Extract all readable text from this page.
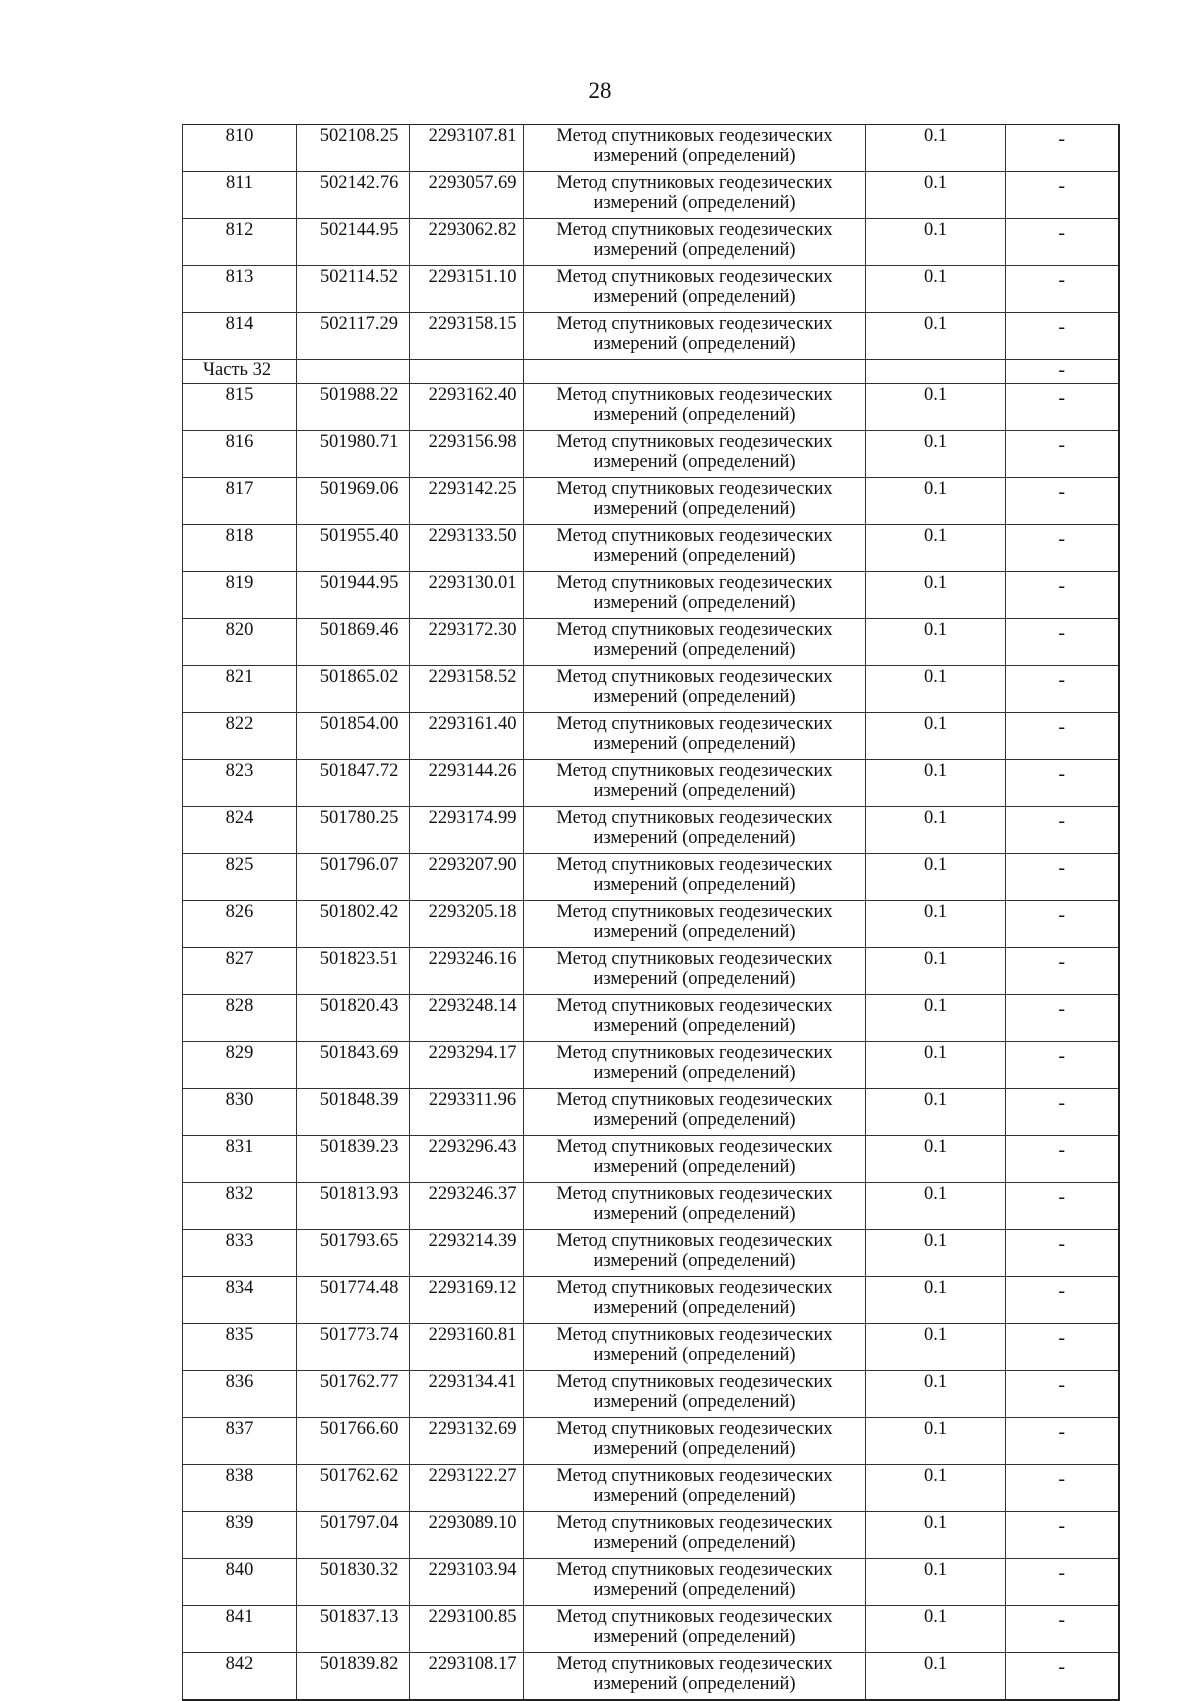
28
810	502108.25	2293107.81	Метод спутниковых геодезических измерений (определений)	0.1	-
811	502142.76	2293057.69	Метод спутниковых геодезических измерений (определений)	0.1	-
812	502144.95	2293062.82	Метод спутниковых геодезических измерений (определений)	0.1	-
813	502114.52	2293151.10	Метод спутниковых геодезических измерений (определений)	0.1	-
814	502117.29	2293158.15	Метод спутниковых геодезических измерений (определений)	0.1	-
Часть 32					-
815	501988.22	2293162.40	Метод спутниковых геодезических измерений (определений)	0.1	-
816	501980.71	2293156.98	Метод спутниковых геодезических измерений (определений)	0.1	-
817	501969.06	2293142.25	Метод спутниковых геодезических измерений (определений)	0.1	-
818	501955.40	2293133.50	Метод спутниковых геодезических измерений (определений)	0.1	-
819	501944.95	2293130.01	Метод спутниковых геодезических измерений (определений)	0.1	-
820	501869.46	2293172.30	Метод спутниковых геодезических измерений (определений)	0.1	-
821	501865.02	2293158.52	Метод спутниковых геодезических измерений (определений)	0.1	-
822	501854.00	2293161.40	Метод спутниковых геодезических измерений (определений)	0.1	-
823	501847.72	2293144.26	Метод спутниковых геодезических измерений (определений)	0.1	-
824	501780.25	2293174.99	Метод спутниковых геодезических измерений (определений)	0.1	-
825	501796.07	2293207.90	Метод спутниковых геодезических измерений (определений)	0.1	-
826	501802.42	2293205.18	Метод спутниковых геодезических измерений (определений)	0.1	-
827	501823.51	2293246.16	Метод спутниковых геодезических измерений (определений)	0.1	-
828	501820.43	2293248.14	Метод спутниковых геодезических измерений (определений)	0.1	-
829	501843.69	2293294.17	Метод спутниковых геодезических измерений (определений)	0.1	-
830	501848.39	2293311.96	Метод спутниковых геодезических измерений (определений)	0.1	-
831	501839.23	2293296.43	Метод спутниковых геодезических измерений (определений)	0.1	-
832	501813.93	2293246.37	Метод спутниковых геодезических измерений (определений)	0.1	-
833	501793.65	2293214.39	Метод спутниковых геодезических измерений (определений)	0.1	-
834	501774.48	2293169.12	Метод спутниковых геодезических измерений (определений)	0.1	-
835	501773.74	2293160.81	Метод спутниковых геодезических измерений (определений)	0.1	-
836	501762.77	2293134.41	Метод спутниковых геодезических измерений (определений)	0.1	-
837	501766.60	2293132.69	Метод спутниковых геодезических измерений (определений)	0.1	-
838	501762.62	2293122.27	Метод спутниковых геодезических измерений (определений)	0.1	-
839	501797.04	2293089.10	Метод спутниковых геодезических измерений (определений)	0.1	-
840	501830.32	2293103.94	Метод спутниковых геодезических измерений (определений)	0.1	-
841	501837.13	2293100.85	Метод спутниковых геодезических измерений (определений)	0.1	-
842	501839.82	2293108.17	Метод спутниковых геодезических измерений (определений)	0.1	-
